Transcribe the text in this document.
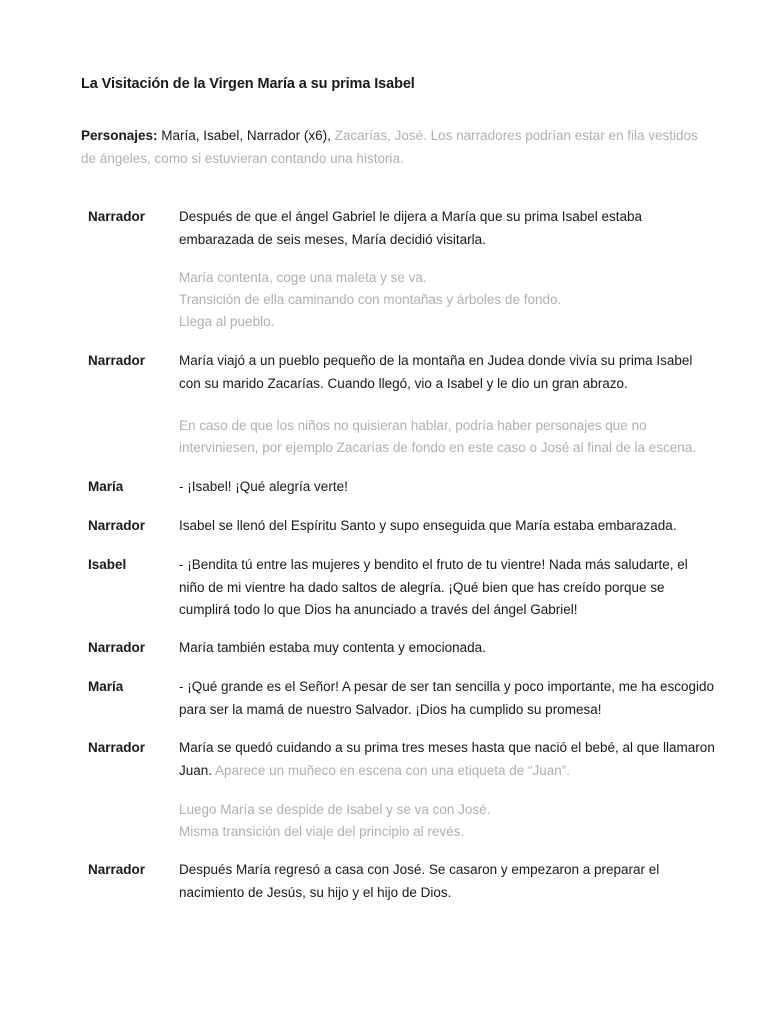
La Visitación de la Virgen María a su prima Isabel
Personajes: María, Isabel, Narrador (x6), Zacarías, José. Los narradores podrían estar en fila vestidos de ángeles, como si estuvieran contando una historia.
Narrador	Después de que el ángel Gabriel le dijera a María que su prima Isabel estaba embarazada de seis meses, María decidió visitarla.
María contenta, coge una maleta y se va.
Transición de ella caminando con montañas y árboles de fondo.
Llega al pueblo.
Narrador	María viajó a un pueblo pequeño de la montaña en Judea donde vivía su prima Isabel con su marido Zacarías. Cuando llegó, vio a Isabel y le dio un gran abrazo.
En caso de que los niños no quisieran hablar, podría haber personajes que no
interviniesen, por ejemplo Zacarías de fondo en este caso o José al final de la escena.
María	- ¡Isabel! ¡Qué alegría verte!
Narrador	Isabel se llenó del Espíritu Santo y supo enseguida que María estaba embarazada.
Isabel	- ¡Bendita tú entre las mujeres y bendito el fruto de tu vientre! Nada más saludarte, el niño de mi vientre ha dado saltos de alegría. ¡Qué bien que has creído porque se cumplirá todo lo que Dios ha anunciado a través del ángel Gabriel!
Narrador	María también estaba muy contenta y emocionada.
María	- ¡Qué grande es el Señor! A pesar de ser tan sencilla y poco importante, me ha escogido para ser la mamá de nuestro Salvador. ¡Dios ha cumplido su promesa!
Narrador	María se quedó cuidando a su prima tres meses hasta que nació el bebé, al que llamaron Juan. Aparece un muñeco en escena con una etiqueta de “Juan”.
Luego María se despide de Isabel y se va con José.
Misma transición del viaje del principio al revés.
Narrador	Después María regresó a casa con José. Se casaron y empezaron a preparar el nacimiento de Jesús, su hijo y el hijo de Dios.
